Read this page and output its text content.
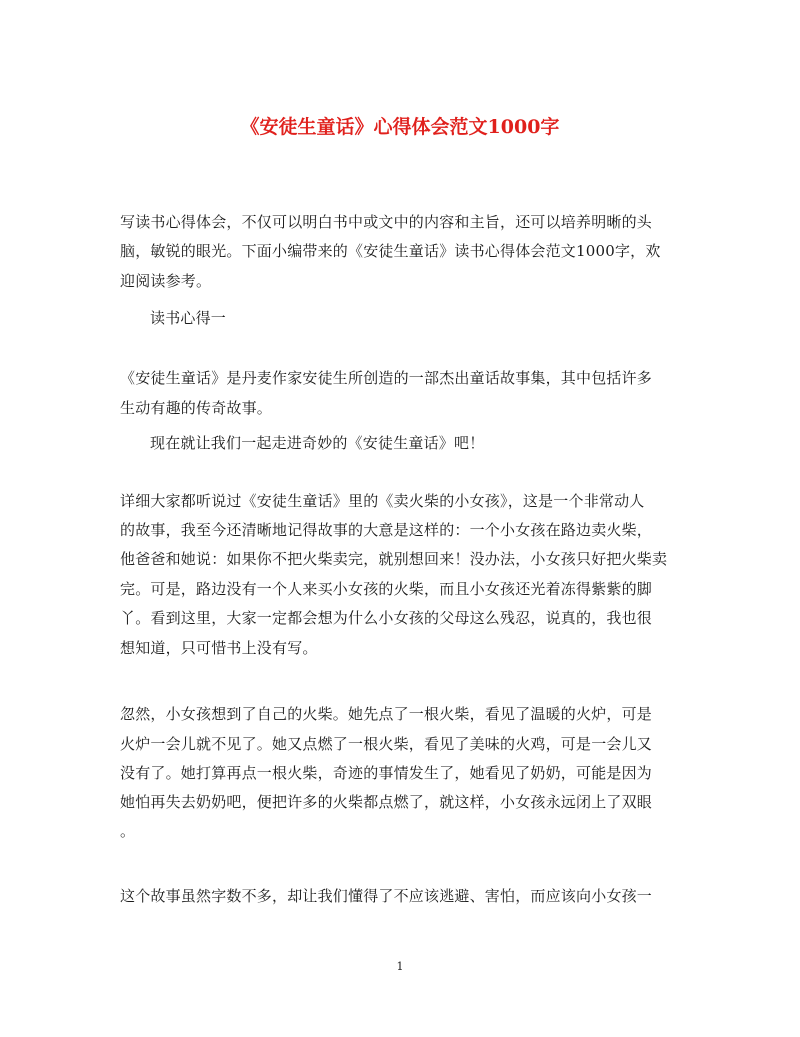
《安徒生童话》心得体会范文1000字

写读书心得体会，不仅可以明白书中或文中的内容和主旨，还可以培养明晰的头

脑，敏锐的眼光。下面小编带来的《安徒生童话》读书心得体会范文1000字，欢

迎阅读参考。

读书心得一

《安徒生童话》是丹麦作家安徒生所创造的一部杰出童话故事集，其中包括许多

生动有趣的传奇故事。

现在就让我们一起走进奇妙的《安徒生童话》吧！

详细大家都听说过《安徒生童话》里的《卖火柴的小女孩》，这是一个非常动人

的故事，我至今还清晰地记得故事的大意是这样的：一个小女孩在路边卖火柴，

他爸爸和她说：如果你不把火柴卖完，就别想回来！没办法，小女孩只好把火柴卖

完。可是，路边没有一个人来买小女孩的火柴，而且小女孩还光着冻得紫紫的脚

丫。看到这里，大家一定都会想为什么小女孩的父母这么残忍，说真的，我也很

想知道，只可惜书上没有写。

忽然，小女孩想到了自己的火柴。她先点了一根火柴，看见了温暖的火炉，可是

火炉一会儿就不见了。她又点燃了一根火柴，看见了美味的火鸡，可是一会儿又

没有了。她打算再点一根火柴，奇迹的事情发生了，她看见了奶奶，可能是因为

她怕再失去奶奶吧，便把许多的火柴都点燃了，就这样，小女孩永远闭上了双眼

。

这个故事虽然字数不多，却让我们懂得了不应该逃避、害怕，而应该向小女孩一

1
